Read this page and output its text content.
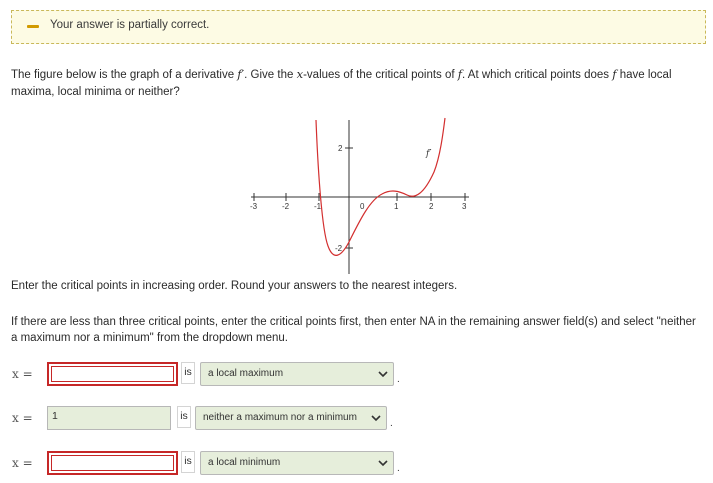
Your answer is partially correct.
The figure below is the graph of a derivative f′. Give the x-values of the critical points of f. At which critical points does f have local maxima, local minima or neither?
-3	-2	-1	0	1	2	3
2
-2
f′
Enter the critical points in increasing order. Round your answers to the nearest integers.
If there are less than three critical points, enter the critical points first, then enter NA in the remaining answer field(s) and select "neither a maximum nor a minimum" from the dropdown menu.
x =	is	a local maximum
.
x =	1	is	neither a maximum nor a minimum
.
x =	is	a local minimum
.
